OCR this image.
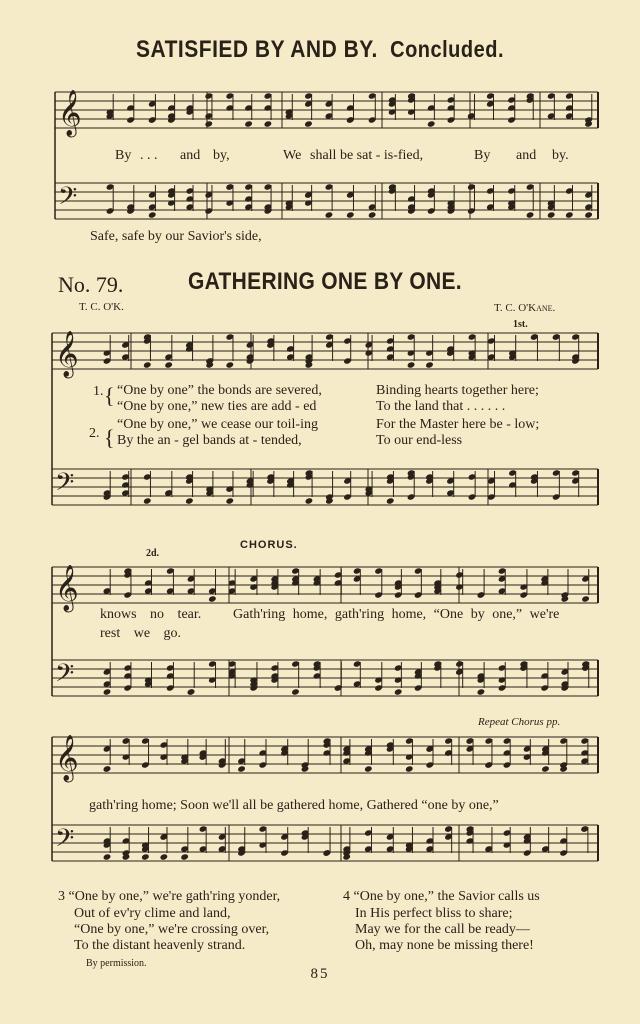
SATISFIED BY AND BY. Concluded.
𝄞
𝄢
𝄞
𝄢
𝄞
𝄢
𝄞
𝄢
By . . . and by,	We shall be sat - is-fied,	By and by.
Safe, safe by our Savior's side,
No. 79.	GATHERING ONE BY ONE.
T. C. O'K.	T. C. O'Kane.
1st.
1. { “One by one” the bonds are severed,	Binding hearts together here;
“One by one,” new ties are add - ed	To the land that . . . . . .
2. {
“One by one,” we cease our toil-ing	For the Master here be - low;
By the an - gel bands at - tended,	To our end-less
2d.
CHORUS.
knows no tear. Gath'ring home, gath'ring home, “One by one,” we're
rest we go.
Repeat Chorus pp.
gath'ring home; Soon we'll all be gathered home, Gathered “one by one,”
3 “One by one,” we're gath'ring yonder,
Out of ev'ry clime and land,
“One by one,” we're crossing over,
To the distant heavenly strand.
4 “One by one,” the Savior calls us
In His perfect bliss to share;
May we for the call be ready—
Oh, may none be missing there!
By permission.
85
